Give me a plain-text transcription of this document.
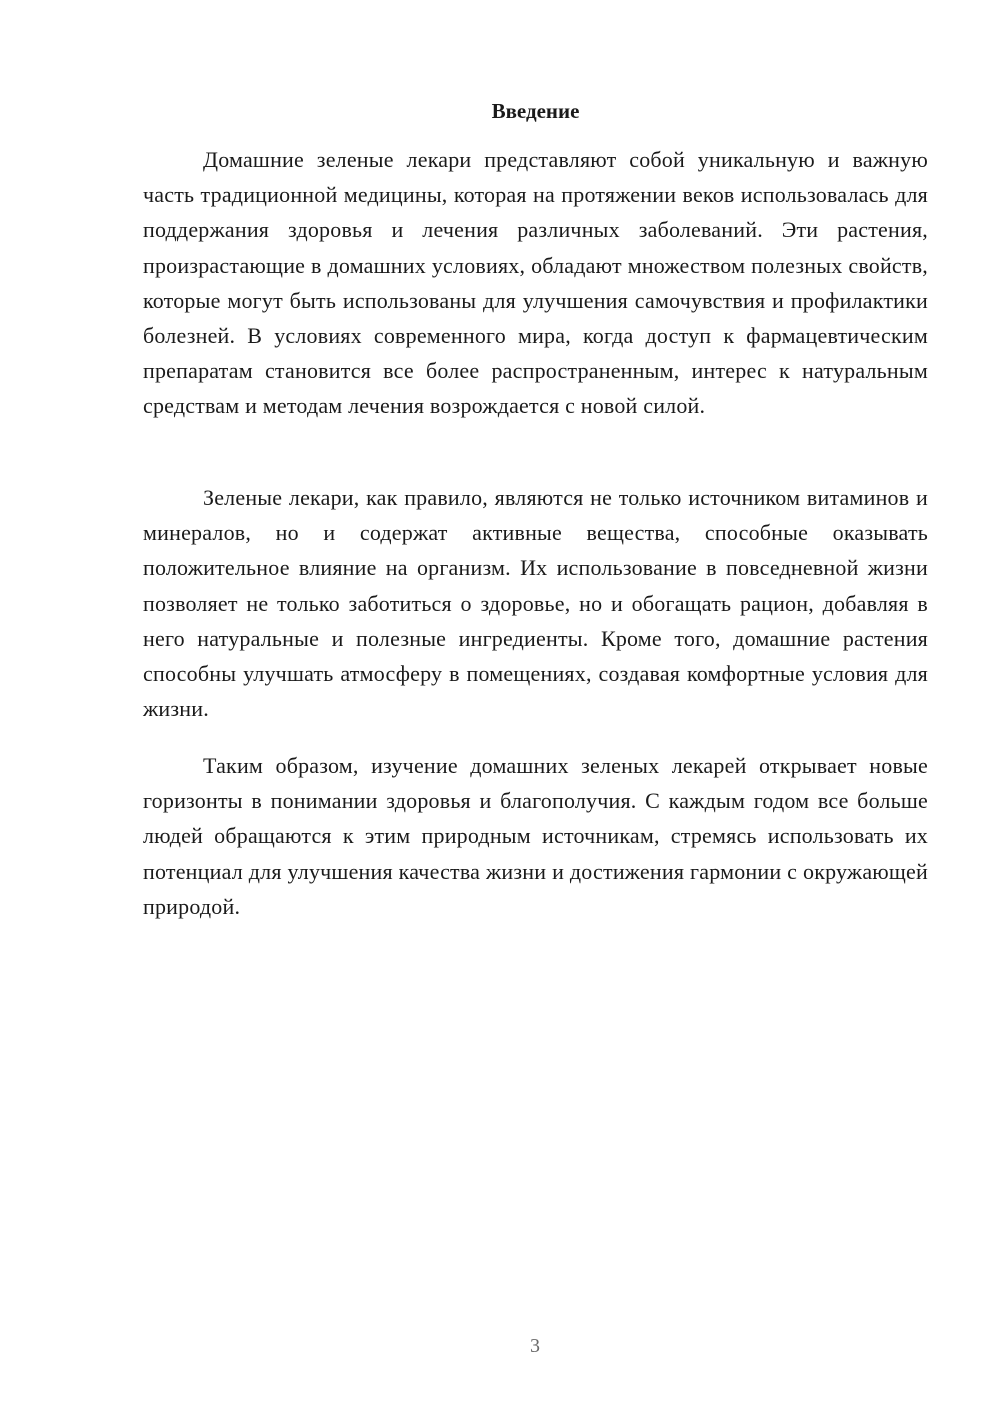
Введение

Домашние зеленые лекари представляют собой уникальную и важную часть традиционной медицины, которая на протяжении веков использовалась для поддержания здоровья и лечения различных заболеваний. Эти растения, произрастающие в домашних условиях, обладают множеством полезных свойств, которые могут быть использованы для улучшения самочувствия и профилактики болезней. В условиях современного мира, когда доступ к фармацевтическим препаратам становится все более распространенным, интерес к натуральным средствам и методам лечения возрождается с новой силой.

Зеленые лекари, как правило, являются не только источником витаминов и минералов, но и содержат активные вещества, способные оказывать положительное влияние на организм. Их использование в повседневной жизни позволяет не только заботиться о здоровье, но и обогащать рацион, добавляя в него натуральные и полезные ингредиенты. Кроме того, домашние растения способны улучшать атмосферу в помещениях, создавая комфортные условия для жизни.

Таким образом, изучение домашних зеленых лекарей открывает новые горизонты в понимании здоровья и благополучия. С каждым годом все больше людей обращаются к этим природным источникам, стремясь использовать их потенциал для улучшения качества жизни и достижения гармонии с окружающей природой.

3
